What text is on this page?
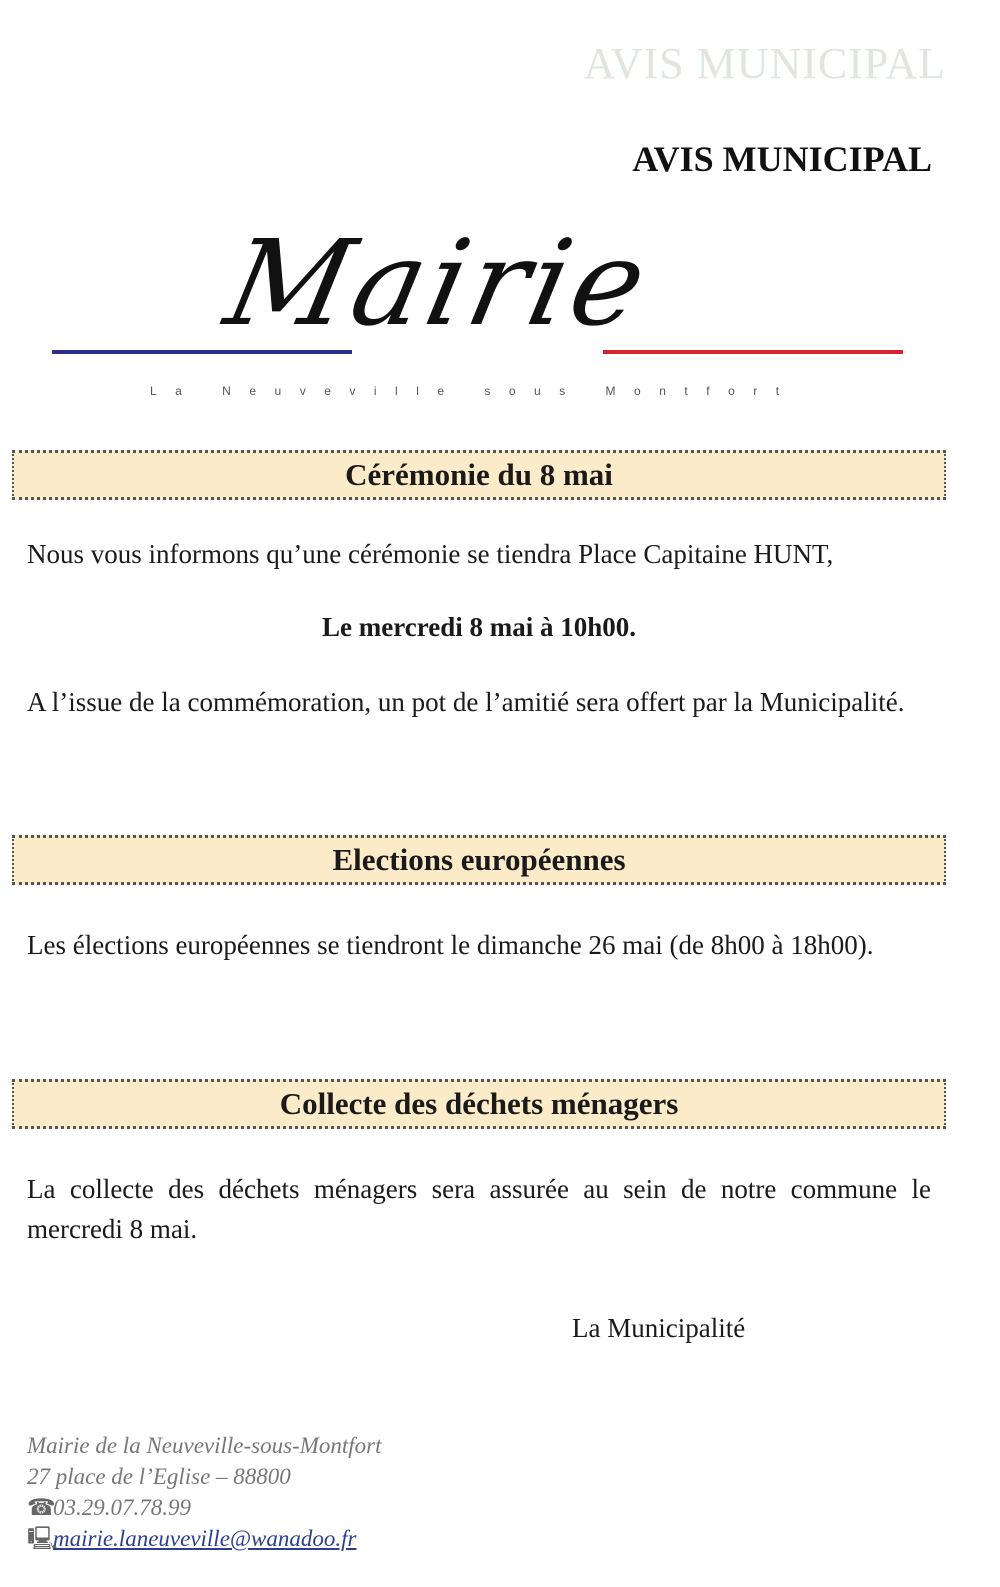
AVIS MUNICIPAL
AVIS MUNICIPAL
Mairie
La Neuveville sous Montfort
Cérémonie du 8 mai
Nous vous informons qu’une cérémonie se tiendra Place Capitaine HUNT,
Le mercredi 8 mai à 10h00.
A l’issue de la commémoration, un pot de l’amitié sera offert par la Municipalité.
Elections européennes
Les élections européennes se tiendront le dimanche 26 mai (de 8h00 à 18h00).
Collecte des déchets ménagers
La collecte des déchets ménagers sera assurée au sein de notre commune le mercredi 8 mai.
La Municipalité
Mairie de la Neuveville-sous-Montfort
27 place de l’Eglise – 88800
☎03.29.07.78.99
🖳mairie.laneuveville@wanadoo.fr
